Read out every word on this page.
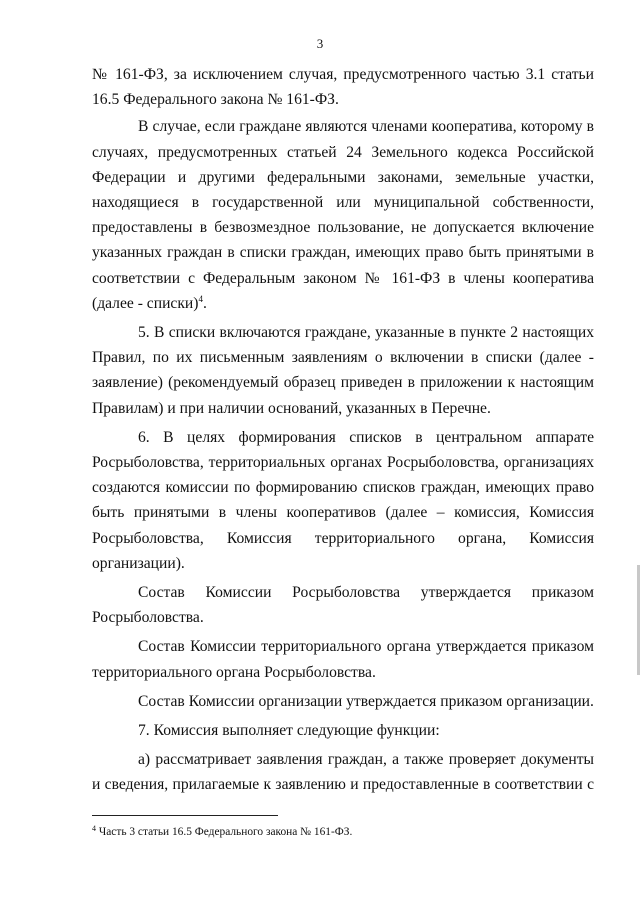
3

№ 161-ФЗ, за исключением случая, предусмотренного частью 3.1 статьи 16.5 Федерального закона № 161-ФЗ.

В случае, если граждане являются членами кооператива, которому в случаях, предусмотренных статьей 24 Земельного кодекса Российской Федерации и другими федеральными законами, земельные участки, находящиеся в государственной или муниципальной собственности, предоставлены в безвозмездное пользование, не допускается включение указанных граждан в списки граждан, имеющих право быть принятыми в соответствии с Федеральным законом № 161-ФЗ в члены кооператива (далее - списки)$^4$.

5. В списки включаются граждане, указанные в пункте 2 настоящих Правил, по их письменным заявлениям о включении в списки (далее - заявление) (рекомендуемый образец приведен в приложении к настоящим Правилам) и при наличии оснований, указанных в Перечне.

6. В целях формирования списков в центральном аппарате Росрыболовства, территориальных органах Росрыболовства, организациях создаются комиссии по формированию списков граждан, имеющих право быть принятыми в члены кооперативов (далее – комиссия, Комиссия Росрыболовства, Комиссия территориального органа, Комиссия организации).

Состав Комиссии Росрыболовства утверждается приказом Росрыболовства.

Состав Комиссии территориального органа утверждается приказом территориального органа Росрыболовства.

Состав Комиссии организации утверждается приказом организации.

7. Комиссия выполняет следующие функции:

а) рассматривает заявления граждан, а также проверяет документы и сведения, прилагаемые к заявлению и предоставленные в соответствии с

$^4$ Часть 3 статьи 16.5 Федерального закона № 161-ФЗ.
